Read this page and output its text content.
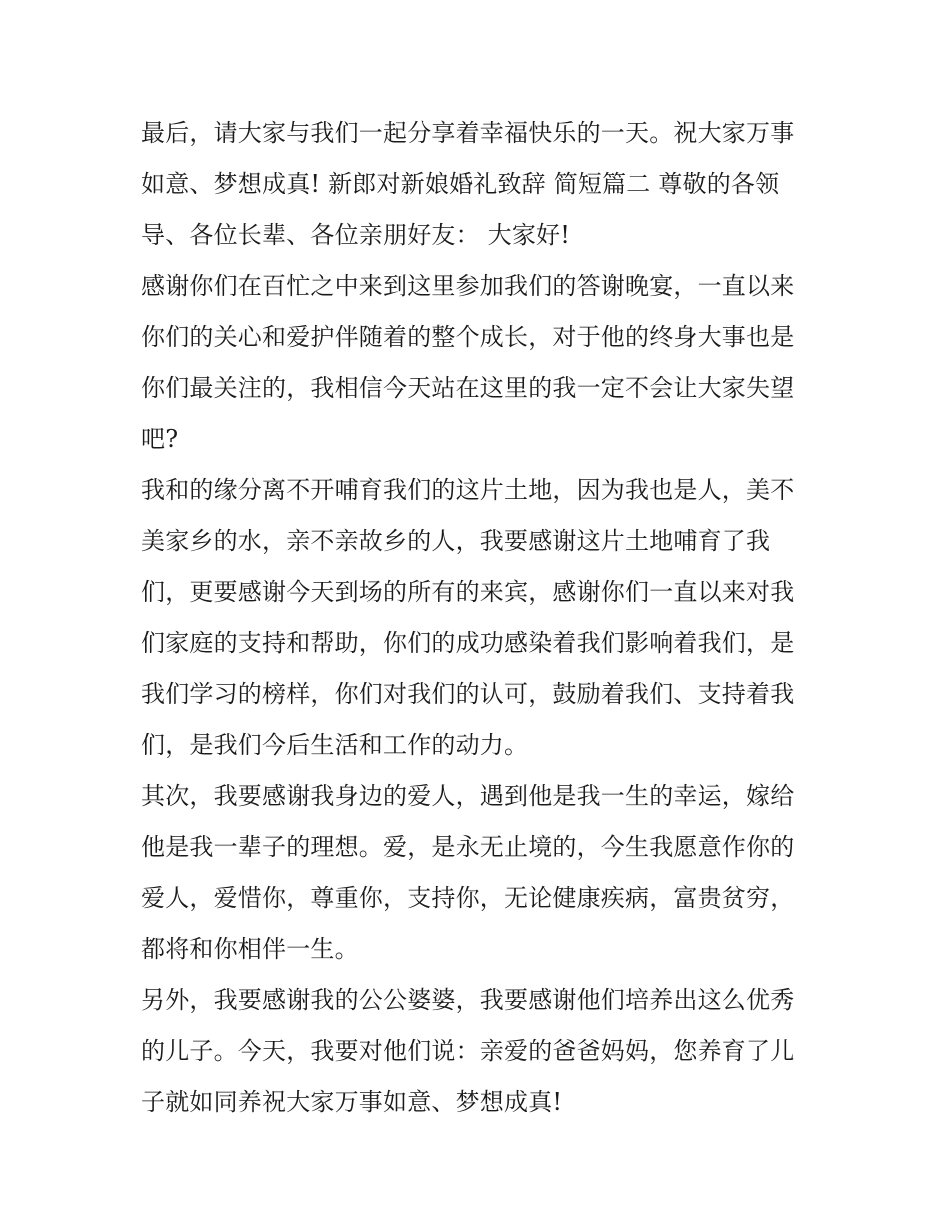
最后，请大家与我们一起分享着幸福快乐的一天。祝大家万事
如意、梦想成真! 新郎对新娘婚礼致辞 简短篇二 尊敬的各领
导、各位长辈、各位亲朋好友： 大家好!
感谢你们在百忙之中来到这里参加我们的答谢晚宴，一直以来
你们的关心和爱护伴随着的整个成长，对于他的终身大事也是
你们最关注的，我相信今天站在这里的我一定不会让大家失望
吧?
我和的缘分离不开哺育我们的这片土地，因为我也是人，美不
美家乡的水，亲不亲故乡的人，我要感谢这片土地哺育了我
们，更要感谢今天到场的所有的来宾，感谢你们一直以来对我
们家庭的支持和帮助，你们的成功感染着我们影响着我们，是
我们学习的榜样，你们对我们的认可，鼓励着我们、支持着我
们，是我们今后生活和工作的动力。
其次，我要感谢我身边的爱人，遇到他是我一生的幸运，嫁给
他是我一辈子的理想。爱，是永无止境的，今生我愿意作你的
爱人，爱惜你，尊重你，支持你，无论健康疾病，富贵贫穷，
都将和你相伴一生。
另外，我要感谢我的公公婆婆，我要感谢他们培养出这么优秀
的儿子。今天，我要对他们说：亲爱的爸爸妈妈，您养育了儿
子就如同养祝大家万事如意、梦想成真!
